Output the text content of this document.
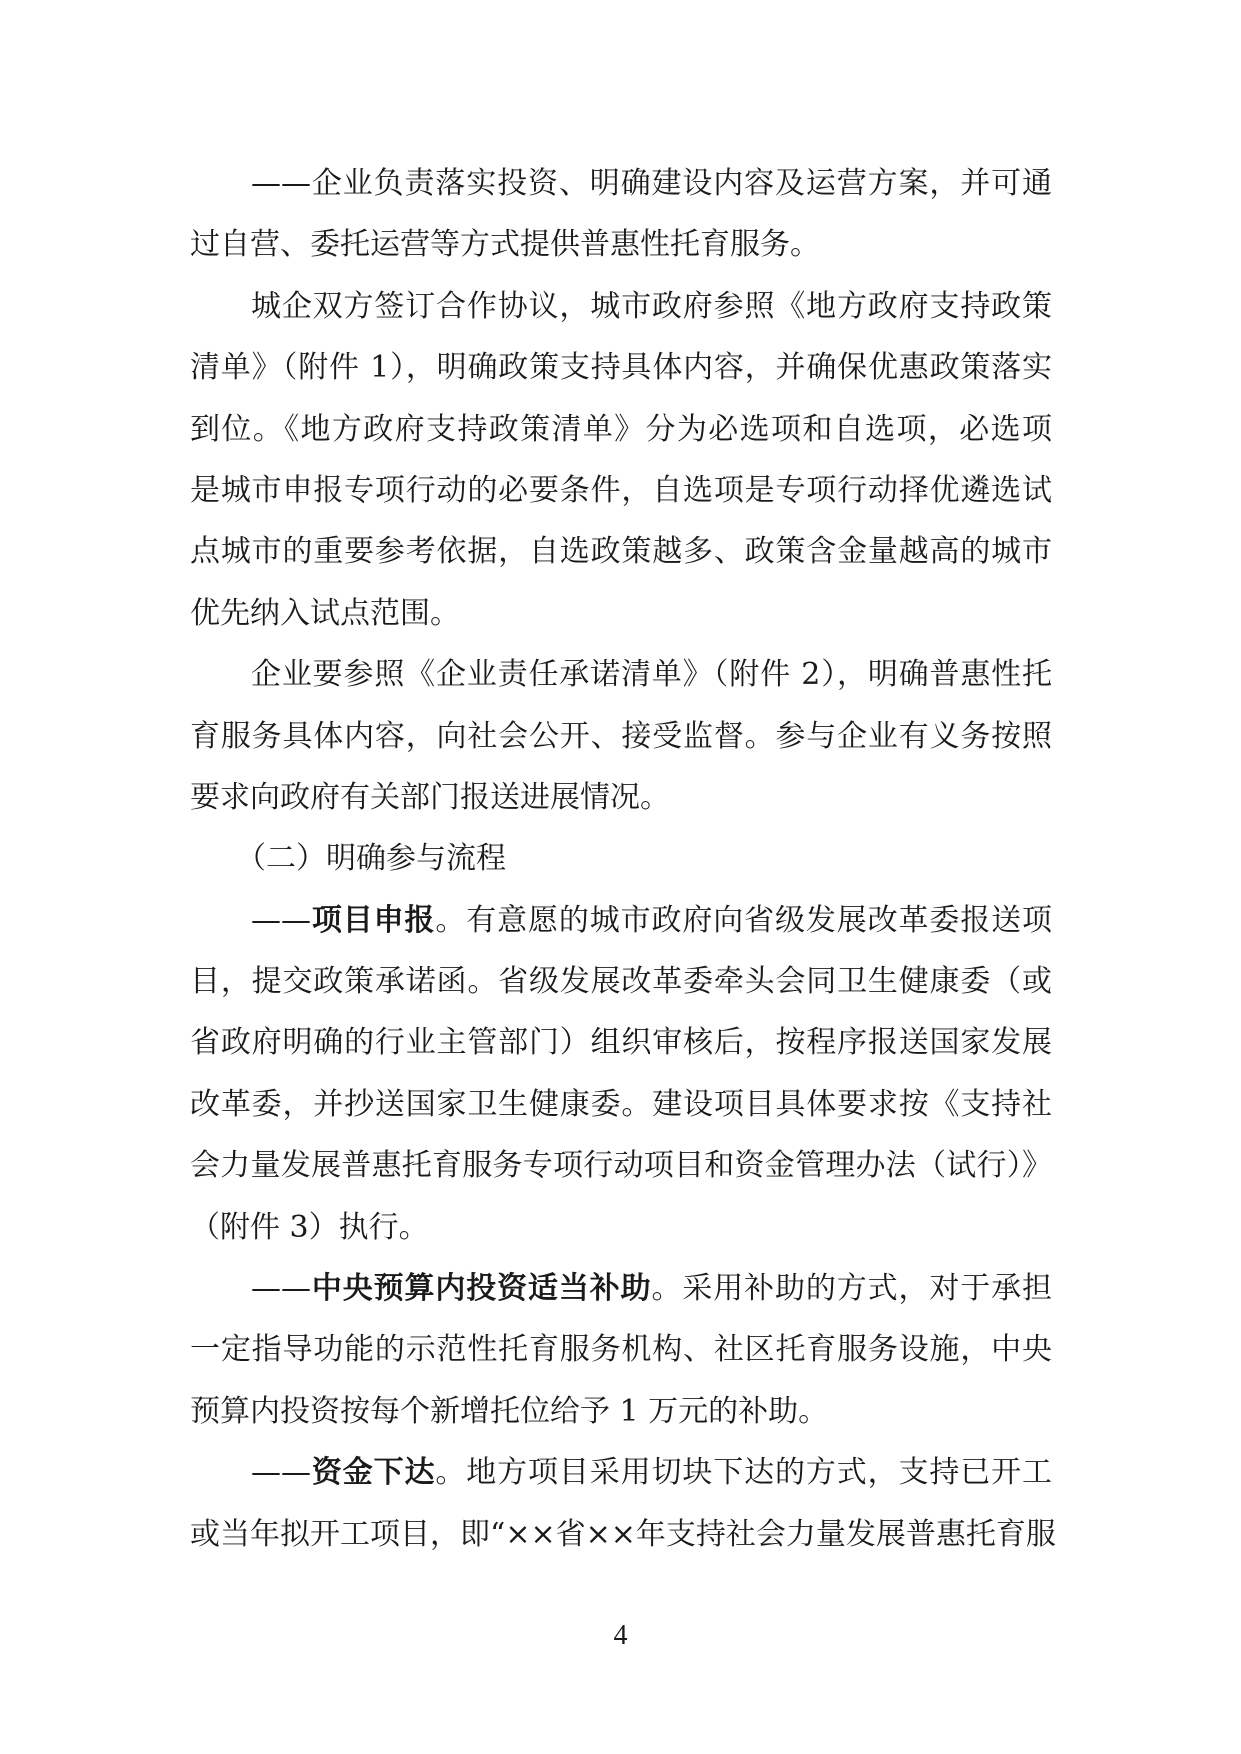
——企业负责落实投资、明确建设内容及运营方案，并可通
过自营、委托运营等方式提供普惠性托育服务。
城企双方签订合作协议，城市政府参照《地方政府支持政策
清单》（附件 1），明确政策支持具体内容，并确保优惠政策落实
到位。《地方政府支持政策清单》分为必选项和自选项，必选项
是城市申报专项行动的必要条件，自选项是专项行动择优遴选试
点城市的重要参考依据，自选政策越多、政策含金量越高的城市
优先纳入试点范围。
企业要参照《企业责任承诺清单》（附件 2），明确普惠性托
育服务具体内容，向社会公开、接受监督。参与企业有义务按照
要求向政府有关部门报送进展情况。
（二）明确参与流程
——项目申报。有意愿的城市政府向省级发展改革委报送项
目，提交政策承诺函。省级发展改革委牵头会同卫生健康委（或
省政府明确的行业主管部门）组织审核后，按程序报送国家发展
改革委，并抄送国家卫生健康委。建设项目具体要求按《支持社
会力量发展普惠托育服务专项行动项目和资金管理办法（试行）》
（附件 3）执行。
——中央预算内投资适当补助。采用补助的方式，对于承担
一定指导功能的示范性托育服务机构、社区托育服务设施，中央
预算内投资按每个新增托位给予 1 万元的补助。
——资金下达。地方项目采用切块下达的方式，支持已开工
或当年拟开工项目，即“××省××年支持社会力量发展普惠托育服
4
